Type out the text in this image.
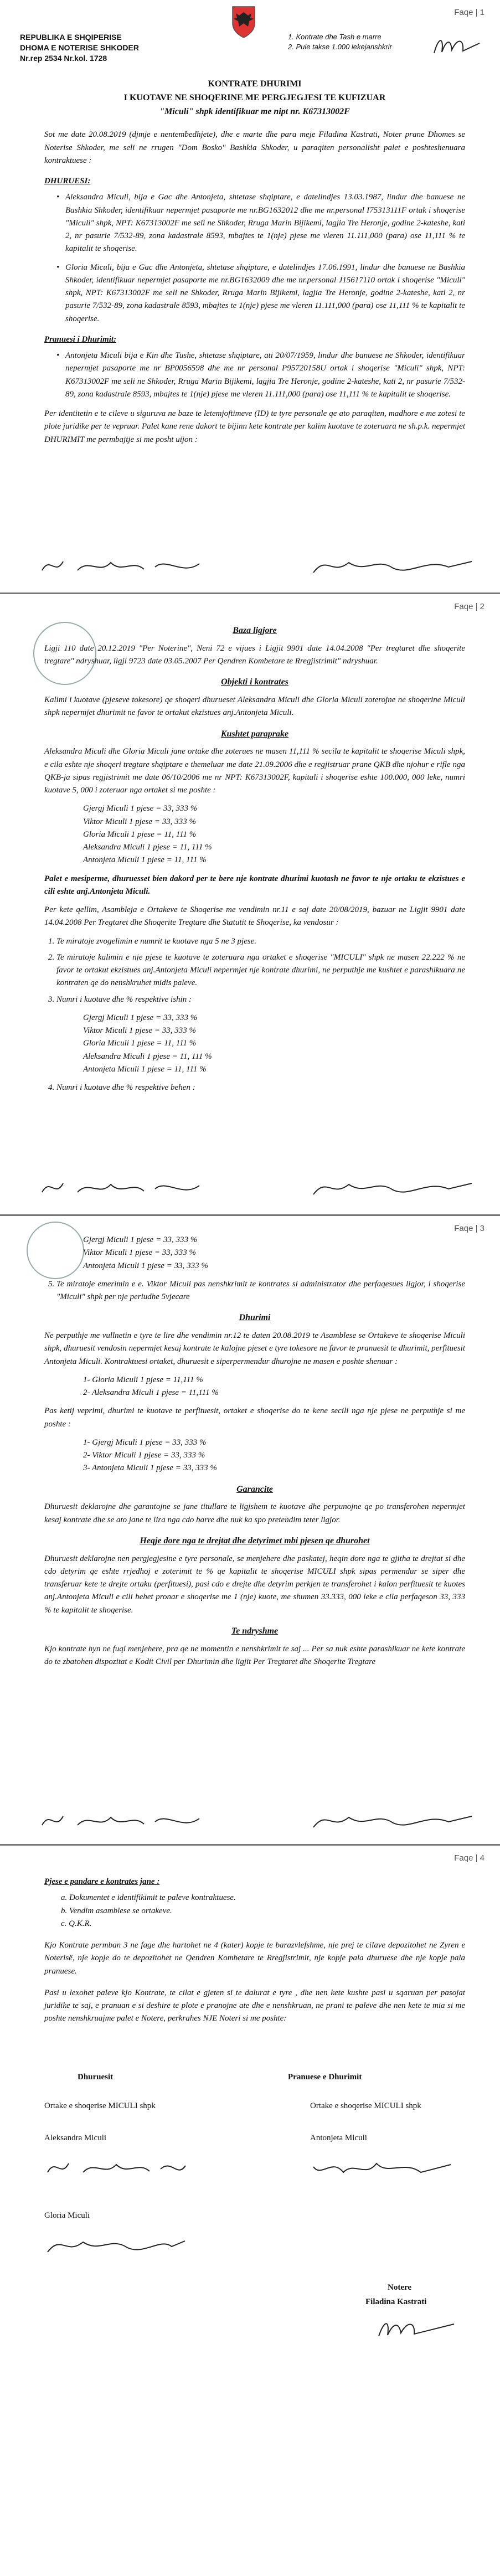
Faqe | 1
REPUBLIKA E SHQIPERISE
DHOMA E NOTERISE SHKODER
Nr.rep 2534 Nr.kol. 1728
1. Kontrate dhe Tash e marre
2. Pule takse 1.000 lekejanshkrir

KONTRATE DHURIMI

I KUOTAVE NE SHOQERINE ME PERGJEGJESI TE KUFIZUAR

"Miculi" shpk identifikuar me nipt nr. K67313002F

Sot me date 20.08.2019 (djmje e nentembedhjete), dhe e marte dhe para meje Filadina Kastrati, Noter prane Dhomes se Noterise Shkoder, me seli ne rrugen "Dom Bosko" Bashkia Shkoder, u paraqiten personalisht palet e poshteshenuara kontraktuese :

DHURUESI:
• Aleksandra Miculi, bija e Gac dhe Antonjeta, shtetase shqiptare, e datelindjes 13.03.1987, lindur dhe banuese ne Bashkia Shkoder, identifikuar nepermjet pasaporte me nr.BG1632012 dhe me nr.personal I75313111F ortak i shoqerise "Miculi" shpk, NPT: K67313002F me seli ne Shkoder, Rruga Marin Bijikemi, lagjia Tre Heronje, godine 2-kateshe, kati 2, nr pasurie 7/532-89, zona kadastrale 8593, mbajtes te 1(nje) pjese me vleren 11.111,000 (para) ose 11,111 % te kapitalit te shoqerise.
• Gloria Miculi, bija e Gac dhe Antonjeta, shtetase shqiptare, e datelindjes 17.06.1991, lindur dhe banuese ne Bashkia Shkoder, identifikuar nepermjet pasaporte me nr.BG1632009 dhe me nr.personal J15617110 ortak i shoqerise "Miculi" shpk, NPT: K67313002F me seli ne Shkoder, Rruga Marin Bijikemi, lagjia Tre Heronje, godine 2-kateshe, kati 2, nr pasurie 7/532-89, zona kadastrale 8593, mbajtes te 1(nje) pjese me vleren 11.111,000 (para) ose 11,111 % te kapitalit te shoqerise.
Pranuesi i Dhurimit:
• Antonjeta Miculi bija e Kin dhe Tushe, shtetase shqiptare, ati 20/07/1959, lindur dhe banuese ne Shkoder, identifikuar nepermjet pasaporte me nr BP0056598 dhe me nr personal P95720158U ortak i shoqerise "Miculi" shpk, NPT: K67313002F me seli ne Shkoder, Rruga Marin Bijikemi, lagjia Tre Heronje, godine 2-kateshe, kati 2, nr pasurie 7/532-89, zona kadastrale 8593, mbajtes te 1(nje) pjese me vleren 11.111,000 (para) ose 11,111 % te kapitalit te shoqerise.

Per identitetin e te cileve u siguruva ne baze te letemjoftimeve (ID) te tyre personale qe ato paraqiten, madhore e me zotesi te plote juridike per te vepruar. Palet kane rene dakort te bijinn kete kontrate per kalim kuotave te zoteruara ne sh.p.k. nepermjet DHURIMIT me permbajtje si me posht uijon :

Faqe | 2
Baza ligjore

Ligji 110 date 20.12.2019 "Per Noterine", Neni 72 e vijues i Ligjit 9901 date 14.04.2008 "Per tregtaret dhe shoqerite tregtare" ndryshuar, ligji 9723 date 03.05.2007 Per Qendren Kombetare te Rregjistrimit" ndryshuar.

Objekti i kontrates

Kalimi i kuotave (pjeseve tokesore) qe shoqeri dhurueset Aleksandra Miculi dhe Gloria Miculi zoterojne ne shoqerine Miculi shpk nepermjet dhurimit ne favor te ortakut ekzistues anj.Antonjeta Miculi.

Kushtet paraprake

Aleksandra Miculi dhe Gloria Miculi jane ortake dhe zoterues ne masen 11,111 % secila te kapitalit te shoqerise Miculi shpk, e cila eshte nje shoqeri tregtare shqiptare e themeluar me date 21.09.2006 dhe e regjistruar prane QKB dhe njohur e rifle nga QKB-ja sipas regjistrimit me date 06/10/2006 me nr NPT: K67313002F, kapitali i shoqerise eshte 100.000, 000 leke, numri kuotave 5, 000 i zoteruar nga ortaket si me poshte :

Gjergj Miculi 1 pjese = 33, 333 %
Viktor Miculi 1 pjese = 33, 333 %
Gloria Miculi 1 pjese = 11, 111 %
Aleksandra Miculi 1 pjese = 11, 111 %
Antonjeta Miculi 1 pjese = 11, 111 %

Palet e mesiperme, dhuruesset bien dakord per te bere nje kontrate dhurimi kuotash ne favor te nje ortaku te ekzistues e cili eshte anj.Antonjeta Miculi.

Per kete qellim, Asambleja e Ortakeve te Shoqerise me vendimin nr.11 e saj date 20/08/2019, bazuar ne Ligjit 9901 date 14.04.2008 Per Tregtaret dhe Shoqerite Tregtare dhe Statutit te Shoqerise, ka vendosur :

1. Te miratoje zvogelimin e numrit te kuotave nga 5 ne 3 pjese.
2. Te miratoje kalimin e nje pjese te kuotave te zoteruara nga ortaket e shoqerise "MICULI" shpk ne masen 22.222 % ne favor te ortakut ekzistues anj.Antonjeta Miculi nepermjet nje kontrate dhurimi, ne perputhje me kushtet e parashikuara ne kontraten qe do nenshkruhet midis paleve.
3. Numri i kuotave dhe % respektive ishin :
Gjergj Miculi 1 pjese = 33, 333 %
Viktor Miculi 1 pjese = 33, 333 %
Gloria Miculi 1 pjese = 11, 111 %
Aleksandra Miculi 1 pjese = 11, 111 %
Antonjeta Miculi 1 pjese = 11, 111 %
4. Numri i kuotave dhe % respektive behen :
Faqe | 3
Gjergj Miculi 1 pjese = 33, 333 %
Viktor Miculi 1 pjese = 33, 333 %
Antonjeta Miculi 1 pjese = 33, 333 %
5. Te miratoje emerimin e e. Viktor Miculi pas nenshkrimit te kontrates si administrator dhe perfaqesues ligjor, i shoqerise "Miculi" shpk per nje periudhe 5vjecare
Dhurimi

Ne perputhje me vullnetin e tyre te lire dhe vendimin nr.12 te daten 20.08.2019 te Asamblese se Ortakeve te shoqerise Miculi shpk, dhuruesit vendosin nepermjet kesaj kontrate te kalojne pjeset e tyre tokesore ne favor te pranuesit te dhurimit, perfituesit Antonjeta Miculi. Kontraktuesi ortaket, dhuruesit e siperpermendur dhurojne ne masen e poshte shenuar :

1- Gloria Miculi 1 pjese = 11,111 %
2- Aleksandra Miculi 1 pjese = 11,111 %

Pas ketij veprimi, dhurimi te kuotave te perfituesit, ortaket e shoqerise do te kene secili nga nje pjese ne perputhje si me poshte :

1- Gjergj Miculi 1 pjese = 33, 333 %
2- Viktor Miculi 1 pjese = 33, 333 %
3- Antonjeta Miculi 1 pjese = 33, 333 %
Garancite

Dhuruesit deklarojne dhe garantojne se jane titullare te ligjshem te kuotave dhe perpunojne qe po transferohen nepermjet kesaj kontrate dhe se ato jane te lira nga cdo barre dhe nuk ka spo pretendim teter ligjor.

Heqje dore nga te drejtat dhe detyrimet mbi pjesen qe dhurohet

Dhuruesit deklarojne nen pergjegjesine e tyre personale, se menjehere dhe paskatej, heqin dore nga te gjitha te drejtat si dhe cdo detyrim qe eshte rrjedhoj e zoterimit te % qe kapitalit te shoqerise MICULI shpk sipas permendur se siper dhe transferuar kete te drejte ortaku (perfituesi), pasi cdo e drejte dhe detyrim perkjen te transferohet i kalon perfituesit te kuotes anj.Antonjeta Miculi e cili behet pronar e shoqerise me 1 (nje) kuote, me shumen 33.333, 000 leke e cila perfaqeson 33, 333 % te kapitalit te shoqerise.

Te ndryshme

Kjo kontrate hyn ne fuqi menjehere, pra qe ne momentin e nenshkrimit te saj ... Per sa nuk eshte parashikuar ne kete kontrate do te zbatohen dispozitat e Kodit Civil per Dhurimin dhe ligjit Per Tregtaret dhe Shoqerite Tregtare

Faqe | 4
Pjese e pandare e kontrates jane :
a. Dokumentet e identifikimit te paleve kontraktuese.
b. Vendim asamblese se ortakeve.
c. Q.K.R.

Kjo Kontrate permban 3 ne fage dhe hartohet ne 4 (kater) kopje te barazvlefshme, nje prej te cilave depozitohet ne Zyren e Noterisë, nje kopje do te depozitohet ne Qendren Kombetare te Rregjistrimit, nje kopje pala dhuruese dhe nje kopje pala pranuese.

Pasi u lexohet paleve kjo Kontrate, te cilat e gjeten si te dalurat e tyre , dhe nen kete kushte pasi u sqaruan per pasojat juridike te saj, e pranuan e si deshire te plote e pranojne ate dhe e nenshkruan, ne prani te paleve dhe nen kete te mia si me poshte nenshkruajme palet e Notere, perkrahes NJE Noteri si me poshte:

Dhuruesit	Pranuese e Dhurimit
Ortake e shoqerise MICULI shpk	Ortake e shoqerise MICULI shpk
Aleksandra Miculi	Antonjeta Miculi
Gloria Miculi
Notere
Filadina Kastrati
